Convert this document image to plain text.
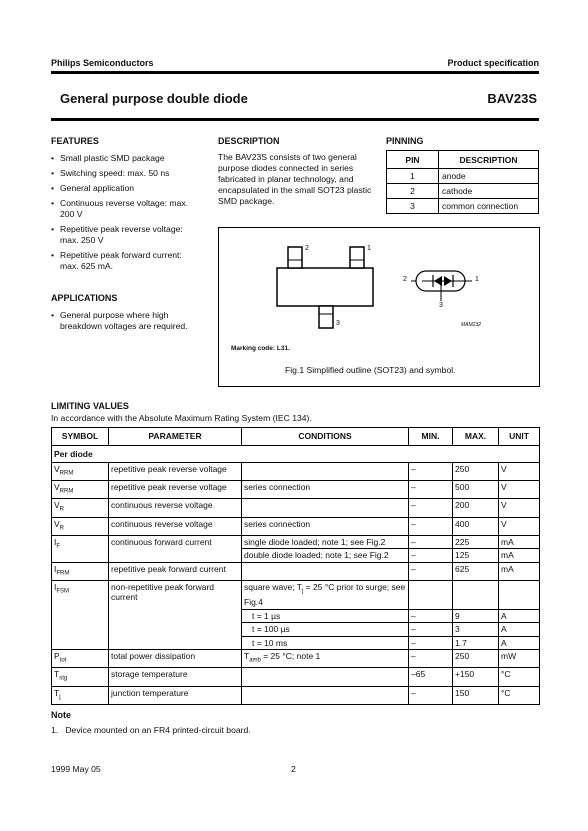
Philips Semiconductors	Product specification
General purpose double diode	BAV23S
FEATURES
• Small plastic SMD package
• Switching speed: max. 50 ns
• General application
• Continuous reverse voltage: max. 200 V
• Repetitive peak reverse voltage: max. 250 V
• Repetitive peak forward current: max. 625 mA.
APPLICATIONS
• General purpose where high breakdown voltages are required.
DESCRIPTION
The BAV23S consists of two general purpose diodes connected in series fabricated in planar technology, and encapsulated in the small SOT23 plastic SMD package.
PINNING
PIN	DESCRIPTION
1	anode
2	cathode
3	common connection
2	1
3
2	1
3
MAM232
Marking code: L31.
Fig.1 Simplified outline (SOT23) and symbol.
LIMITING VALUES
In accordance with the Absolute Maximum Rating System (IEC 134).
SYMBOL	PARAMETER	CONDITIONS	MIN.	MAX.	UNIT
Per diode					
$V_{RRM}$	repetitive peak reverse voltage		–	250	V
$V_{RRM}$	repetitive peak reverse voltage	series connection	–	500	V
$V_R$	continuous reverse voltage		–	200	V
$V_R$	continuous reverse voltage	series connection	–	400	V
$I_F$	continuous forward current	single diode loaded; note 1; see Fig.2	–	225	mA
		double diode loaded; note 1; see Fig.2	–	125	mA
$I_{FRM}$	repetitive peak forward current		–	625	mA
$I_{FSM}$	non-repetitive peak forward current	square wave; $T_j = 25$ °C prior to surge; see Fig.4			
		t = 1 µs	–	9	A
		t = 100 µs	–	3	A
		t = 10 ms	–	1.7	A
$P_{tot}$	total power dissipation	$T_{amb} = 25$ °C; note 1	–	250	mW
$T_{stg}$	storage temperature		–65	+150	°C
$T_j$	junction temperature		–	150	°C
Note
1.   Device mounted on an FR4 printed-circuit board.
1999 May 05	2
